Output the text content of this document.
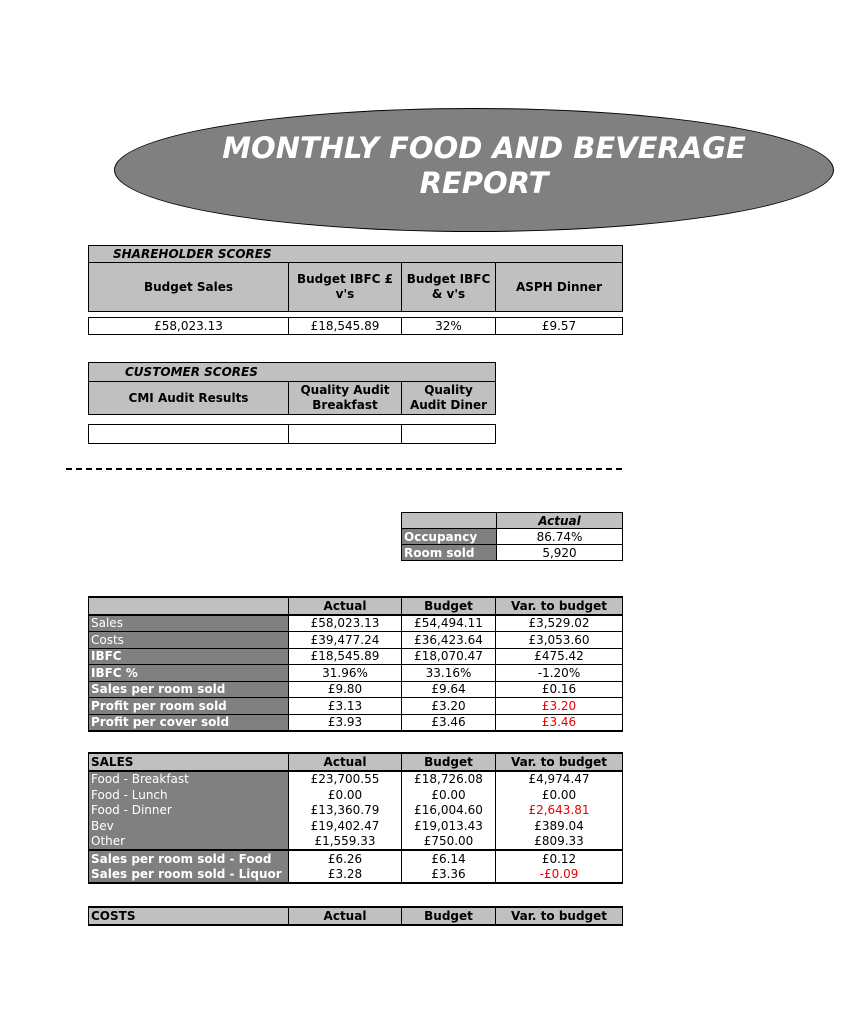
MONTHLY FOOD AND BEVERAGE
REPORT
SHAREHOLDER SCORES
Budget Sales	Budget IBFC £ v's	Budget IBFC & v's	ASPH Dinner
£58,023.13	£18,545.89	32%	£9.57
CUSTOMER SCORES
CMI Audit Results	Quality Audit Breakfast	Quality Audit Diner

	Actual
Occupancy	86.74%
Room sold	5,920
	Actual	Budget	Var. to budget
Sales	£58,023.13	£54,494.11	£3,529.02
Costs	£39,477.24	£36,423.64	£3,053.60
IBFC	£18,545.89	£18,070.47	£475.42
IBFC %	31.96%	33.16%	-1.20%
Sales per room sold	£9.80	£9.64	£0.16
Profit per room sold	£3.13	£3.20	£3.20
Profit per cover sold	£3.93	£3.46	£3.46
SALES	Actual	Budget	Var. to budget
Food - Breakfast	£23,700.55	£18,726.08	£4,974.47
Food - Lunch	£0.00	£0.00	£0.00
Food - Dinner	£13,360.79	£16,004.60	£2,643.81
Bev	£19,402.47	£19,013.43	£389.04
Other	£1,559.33	£750.00	£809.33
Sales per room sold - Food	£6.26	£6.14	£0.12
Sales per room sold - Liquor	£3.28	£3.36	-£0.09
COSTS	Actual	Budget	Var. to budget
